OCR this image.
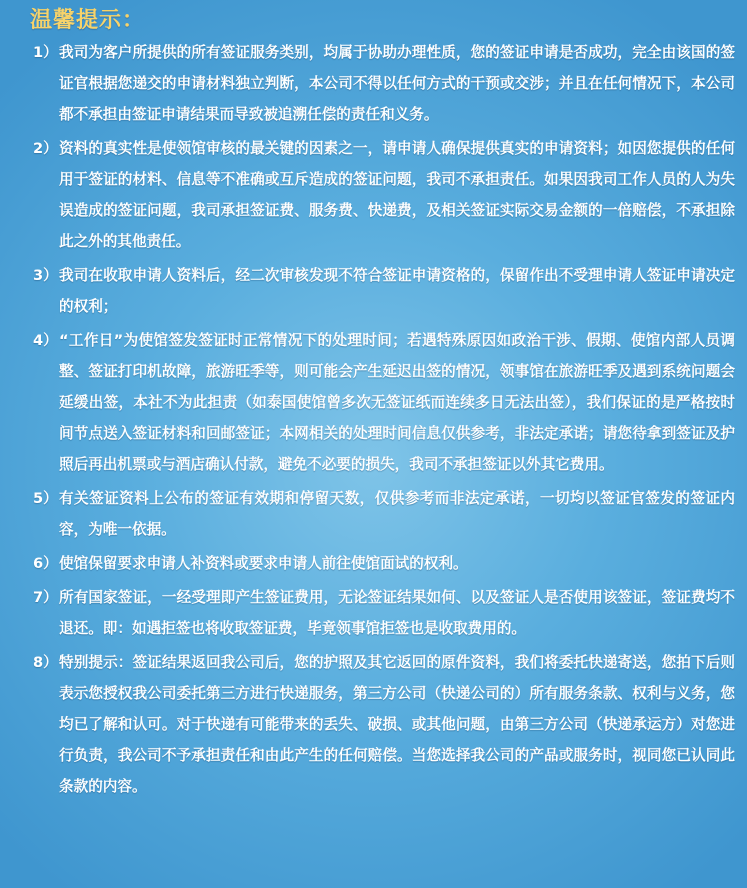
温馨提示：
1） 我司为客户所提供的所有签证服务类别，均属于协助办理性质，您的签证申请是否成功，完全由该国的签证官根据您递交的申请材料独立判断，本公司不得以任何方式的干预或交涉；并且在任何情况下，本公司都不承担由签证申请结果而导致被追溯任偿的责任和义务。
2） 资料的真实性是使领馆审核的最关键的因素之一，请申请人确保提供真实的申请资料；如因您提供的任何用于签证的材料、信息等不准确或互斥造成的签证问题，我司不承担责任。如果因我司工作人员的人为失误造成的签证问题，我司承担签证费、服务费、快递费，及相关签证实际交易金额的一倍赔偿，不承担除此之外的其他责任。
3） 我司在收取申请人资料后，经二次审核发现不符合签证申请资格的，保留作出不受理申请人签证申请决定的权利；
4） “工作日”为使馆签发签证时正常情况下的处理时间；若遇特殊原因如政治干涉、假期、使馆内部人员调整、签证打印机故障，旅游旺季等，则可能会产生延迟出签的情况，领事馆在旅游旺季及遇到系统问题会延缓出签，本社不为此担责（如泰国使馆曾多次无签证纸而连续多日无法出签），我们保证的是严格按时间节点送入签证材料和回邮签证；本网相关的处理时间信息仅供参考，非法定承诺；请您待拿到签证及护照后再出机票或与酒店确认付款，避免不必要的损失，我司不承担签证以外其它费用。
5） 有关签证资料上公布的签证有效期和停留天数，仅供参考而非法定承诺，一切均以签证官签发的签证内容，为唯一依据。
6） 使馆保留要求申请人补资料或要求申请人前往使馆面试的权利。
7） 所有国家签证，一经受理即产生签证费用，无论签证结果如何、以及签证人是否使用该签证，签证费均不退还。即：如遇拒签也将收取签证费，毕竟领事馆拒签也是收取费用的。
8） 特别提示：签证结果返回我公司后，您的护照及其它返回的原件资料，我们将委托快递寄送，您拍下后则表示您授权我公司委托第三方进行快递服务，第三方公司（快递公司的）所有服务条款、权利与义务，您均已了解和认可。对于快递有可能带来的丢失、破损、或其他问题，由第三方公司（快递承运方）对您进行负责，我公司不予承担责任和由此产生的任何赔偿。当您选择我公司的产品或服务时，视同您已认同此条款的内容。
